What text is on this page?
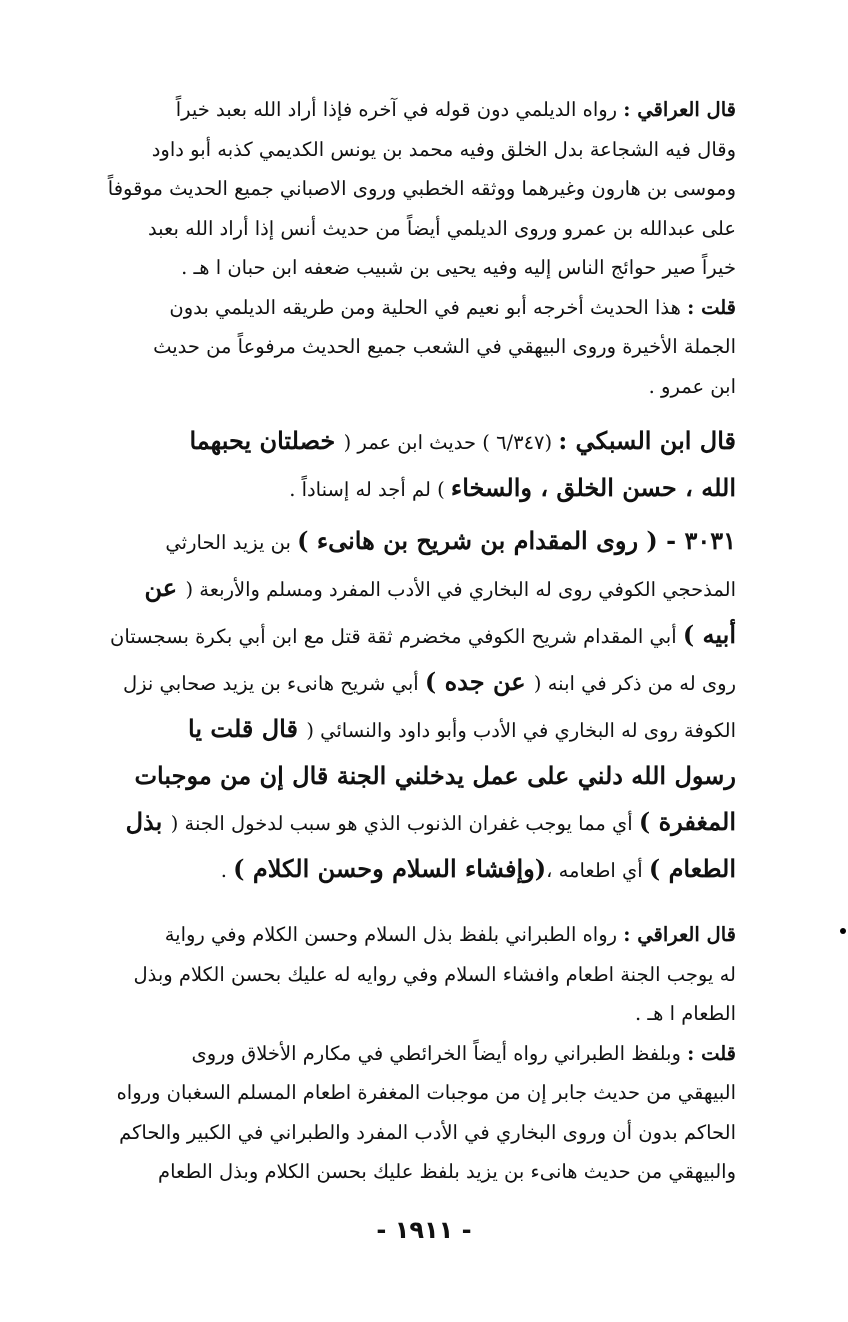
قال العراقي : رواه الديلمي دون قوله في آخره فإذا أراد الله بعبد خيراً
وقال فيه الشجاعة بدل الخلق وفيه محمد بن يونس الكديمي كذبه أبو داود
وموسى بن هارون وغيرهما ووثقه الخطبي وروى الاصباني جميع الحديث موقوفاً
على عبدالله بن عمرو وروى الديلمي أيضاً من حديث أنس إذا أراد الله بعبد
خيراً صير حوائج الناس إليه وفيه يحيى بن شبيب ضعفه ابن حبان ا هـ .
قلت : هذا الحديث أخرجه أبو نعيم في الحلية ومن طريقه الديلمي بدون
الجملة الأخيرة وروى البيهقي في الشعب جميع الحديث مرفوعاً من حديث
ابن عمرو .
قال ابن السبكي : (٦/٣٤٧ ) حديث ابن عمر ( خصلتان يحبهما
الله ، حسن الخلق ، والسخاء ) لم أجد له إسناداً .
٣٠٣١ - ( روى المقدام بن شريح بن هانىء ) بن يزيد الحارثي
المذحجي الكوفي روى له البخاري في الأدب المفرد ومسلم والأربعة ( عن
أبيه ) أبي المقدام شريح الكوفي مخضرم ثقة قتل مع ابن أبي بكرة بسجستان
روى له من ذكر في ابنه ( عن جده ) أبي شريح هانىء بن يزيد صحابي نزل
الكوفة روى له البخاري في الأدب وأبو داود والنسائي ( قال قلت يا
رسول الله دلني على عمل يدخلني الجنة قال إن من موجبات
المغفرة ) أي مما يوجب غفران الذنوب الذي هو سبب لدخول الجنة ( بذل
الطعام ) أي اطعامه ،(وإفشاء السلام وحسن الكلام ) .
قال العراقي : رواه الطبراني بلفظ بذل السلام وحسن الكلام وفي رواية
له يوجب الجنة اطعام وافشاء السلام وفي روايه له عليك بحسن الكلام وبذل
الطعام ا هـ .
قلت : وبلفظ الطبراني رواه أيضاً الخرائطي في مكارم الأخلاق وروى
البيهقي من حديث جابر إن من موجبات المغفرة اطعام المسلم السغبان ورواه
الحاكم بدون أن وروى البخاري في الأدب المفرد والطبراني في الكبير والحاكم
والبيهقي من حديث هانىء بن يزيد بلفظ عليك بحسن الكلام وبذل الطعام
- ١٩١١ -
